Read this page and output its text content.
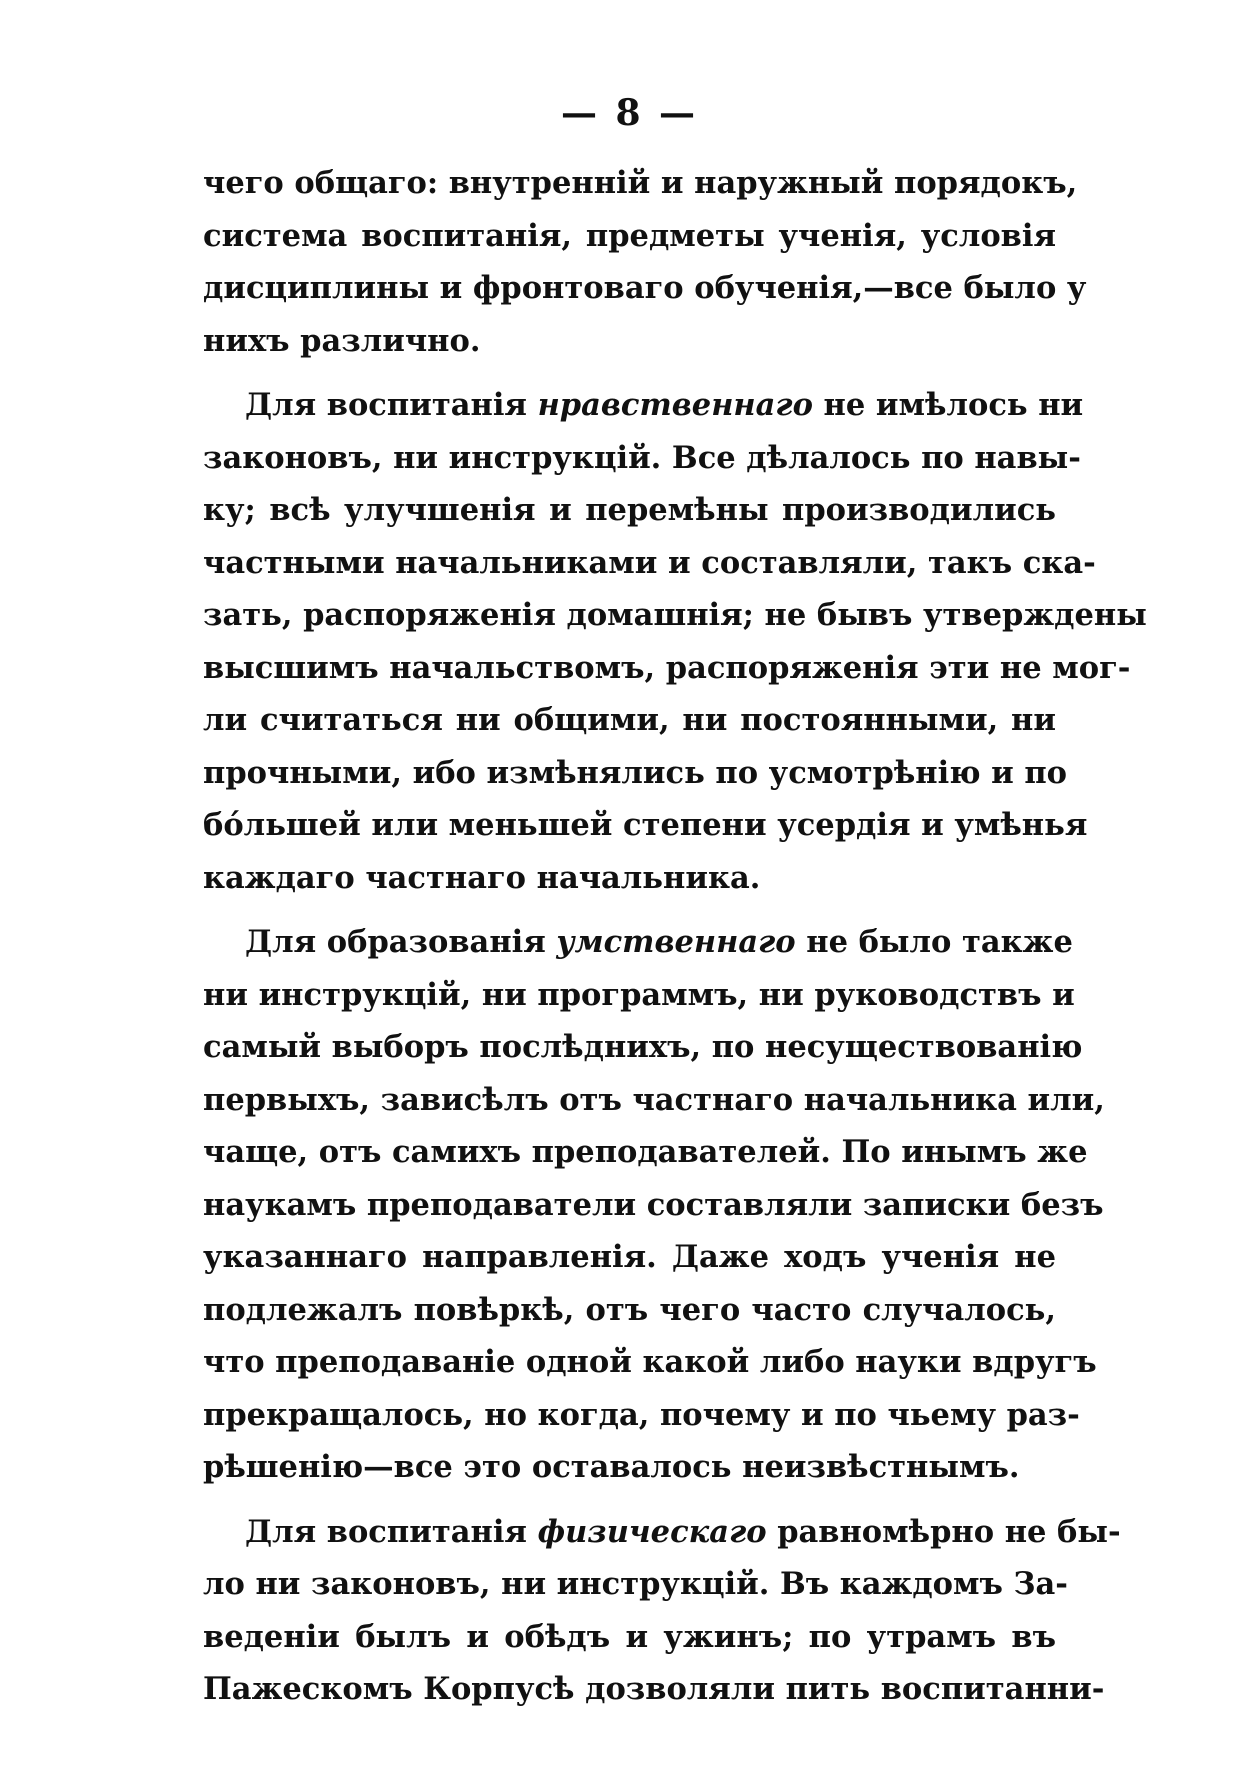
— 8 —
чего общаго: внутренній и наружный порядокъ,
система воспитанія, предметы ученія, условія
дисциплины и фронтоваго обученія,—все было у
нихъ различно.
Для воспитанія нравственнаго не имѣлось ни
законовъ, ни инструкцій. Все дѣлалось по навы-
ку; всѣ улучшенія и перемѣны производились
частными начальниками и составляли, такъ ска-
зать, распоряженія домашнія; не бывъ утверждены
высшимъ начальствомъ, распоряженія эти не мог-
ли считаться ни общими, ни постоянными, ни
прочными, ибо измѣнялись по усмотрѣнію и по
бо́льшей или меньшей степени усердія и умѣнья
каждаго частнаго начальника.
Для образованія умственнаго не было также
ни инструкцій, ни программъ, ни руководствъ и
самый выборъ послѣднихъ, по несуществованію
первыхъ, зависѣлъ отъ частнаго начальника или,
чаще, отъ самихъ преподавателей. По инымъ же
наукамъ преподаватели составляли записки безъ
указаннаго направленія. Даже ходъ ученія не
подлежалъ повѣркѣ, отъ чего часто случалось,
что преподаваніе одной какой либо науки вдругъ
прекращалось, но когда, почему и по чьему раз-
рѣшенію—все это оставалось неизвѣстнымъ.
Для воспитанія физическаго равномѣрно не бы-
ло ни законовъ, ни инструкцій. Въ каждомъ За-
веденіи былъ и обѣдъ и ужинъ; по утрамъ въ
Пажескомъ Корпусѣ дозволяли пить воспитанни-
